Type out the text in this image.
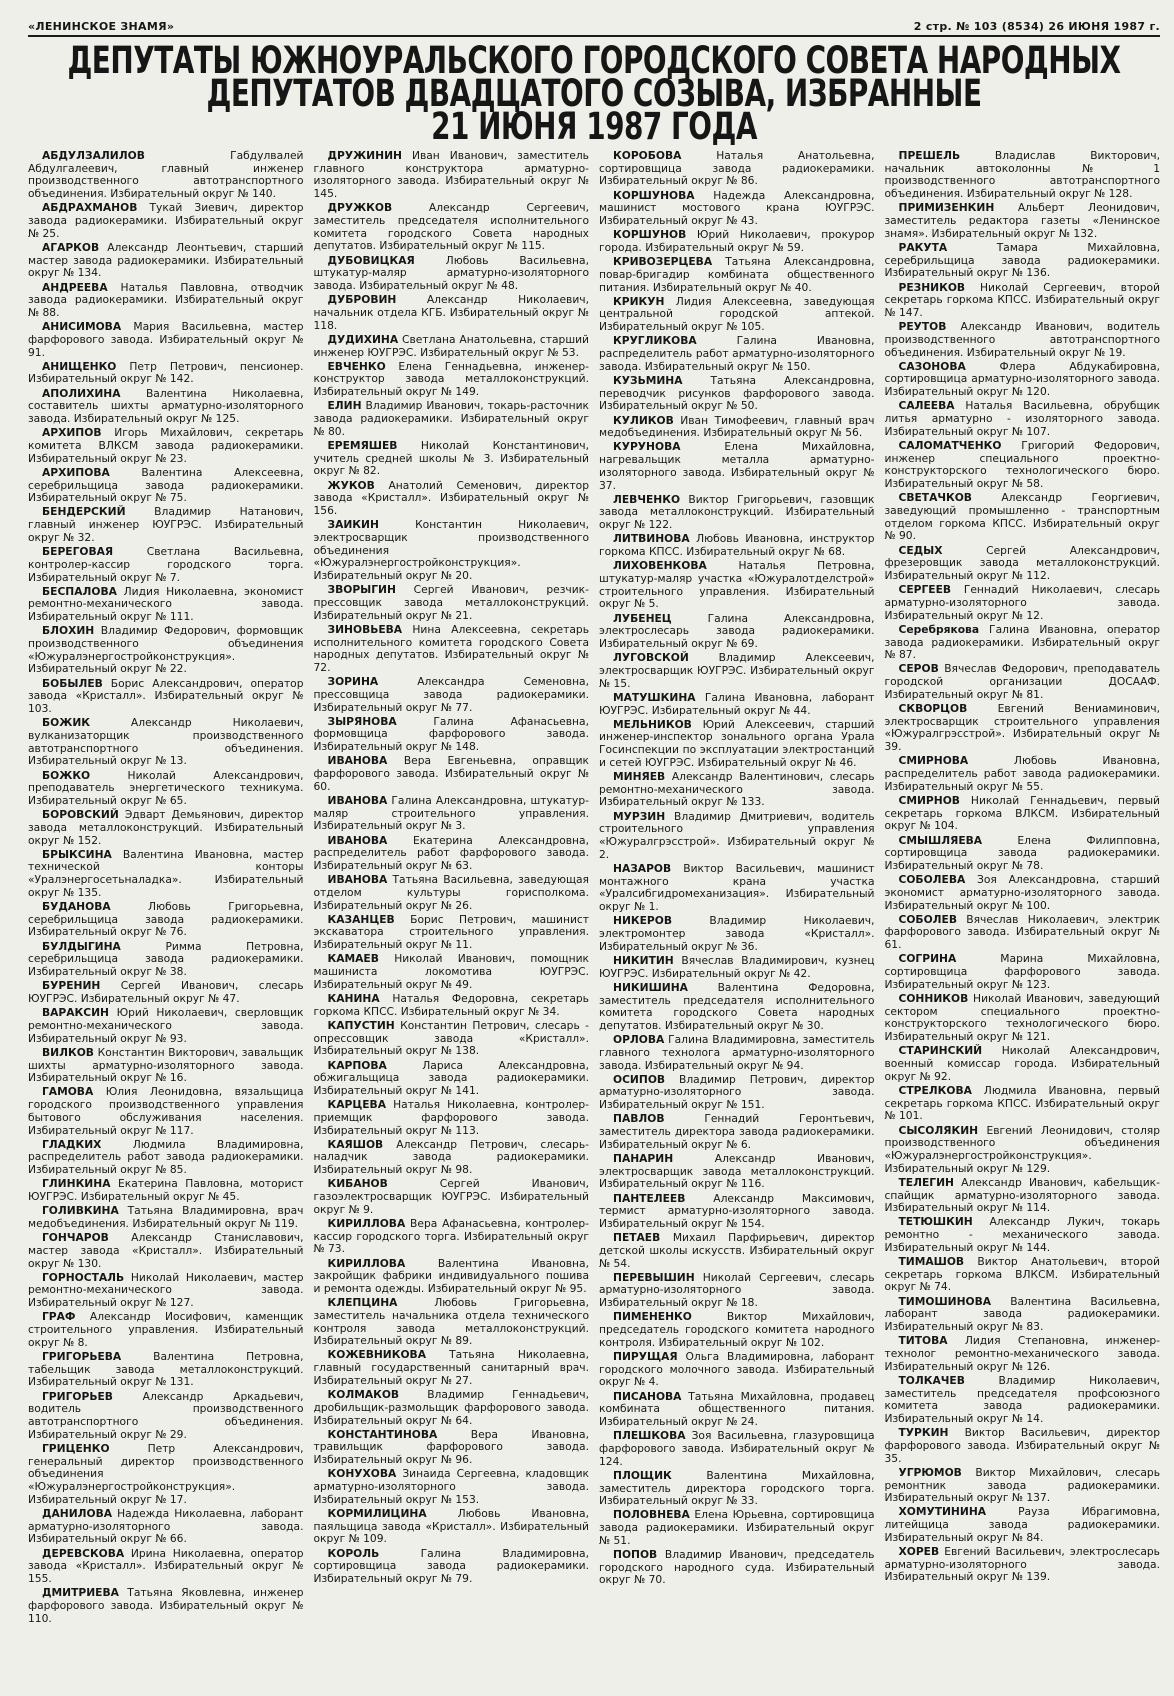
«ЛЕНИНСКОЕ ЗНАМЯ»	2 стр. № 103 (8534) 26 ИЮНЯ 1987 г.

ДЕПУТАТЫ ЮЖНОУРАЛЬСКОГО ГОРОДСКОГО СОВЕТА НАРОДНЫХ

ДЕПУТАТОВ ДВАДЦАТОГО СОЗЫВА, ИЗБРАННЫЕ

21 ИЮНЯ 1987 ГОДА

АБДУЛЗАЛИЛОВ	Габдулвалей Абдулгалеевич, главный инженер производственного автотранспортного объединения. Избирательный округ № 140.

АБДРАХМАНОВ Тукай Зиевич, директор завода радиокерамики. Избирательный округ № 25.

АГАРКОВ Александр Леонтьевич, старший мастер завода радиокерамики. Избирательный округ № 134.

АНДРЕЕВА Наталья Павловна, отводчик завода радиокерамики. Избирательный округ № 88.

АНИСИМОВА Мария Васильевна, мастер фарфорового завода. Избирательный округ № 91.

АНИЩЕНКО Петр Петрович, пенсионер. Избирательный округ № 142.

АПОЛИХИНА Валентина Николаевна, составитель шихты арматурно-изоляторного завода. Избирательный округ № 125.

АРХИПОВ Игорь Михайлович, секретарь комитета ВЛКСМ завода радиокерамики. Избирательный округ № 23.

АРХИПОВА	Валентина Алексеевна, серебрильщица завода радиокерамики. Избирательный округ № 75.

БЕНДЕРСКИЙ	Владимир Натанович, главный инженер ЮУГРЭС. Избирательный округ № 32.

БЕРЕГОВАЯ	Светлана Васильевна, контролер-кассир городского торга. Избирательный округ № 7.

БЕСПАЛОВА Лидия Николаевна, экономист ремонтно-механического завода. Избирательный округ № 111.

БЛОХИН Владимир Федорович, формовщик производственного объединения «Южуралэнергостройконструкция». Избирательный округ № 22.

БОБЫЛЕВ Борис Александрович, оператор завода «Кристалл». Избирательный округ № 103.

БОЖИК	Александр Николаевич, вулканизаторщик производственного автотранспортного объединения. Избирательный округ № 13.

БОЖКО	Николай Александрович, преподаватель энергетического техникума. Избирательный округ № 65.

БОРОВСКИЙ Эдварт Демьянович, директор завода металлоконструкций. Избирательный округ № 152.

БРЫКСИНА Валентина Ивановна, мастер технической конторы «Уралэнергосетьналадка». Избирательный округ № 135.

БУДАНОВА	Любовь Григорьевна, серебрильщица завода радиокерамики. Избирательный округ № 76.

БУЛДЫГИНА	Римма Петровна, серебрильщица завода радиокерамики. Избирательный округ № 38.

БУРЕНИН Сергей Иванович, слесарь ЮУГРЭС. Избирательный округ № 47.

ВАРАКСИН Юрий Николаевич, сверловщик ремонтно-механического завода. Избирательный округ № 93.

ВИЛКОВ Константин Викторович, завальщик шихты арматурно-изоляторного завода. Избирательный округ № 16.

ГАМОВА Юлия Леонидовна, вязальщица городского производственного управления бытового обслуживания населения. Избирательный округ № 117.

ГЛАДКИХ	Людмила Владимировна, распределитель работ завода радиокерамики. Избирательный округ № 85.

ГЛИНКИНА Екатерина Павловна, моторист ЮУГРЭС. Избирательный округ № 45.

ГОЛИВКИНА Татьяна Владимировна, врач медобъединения. Избирательный округ № 119.

ГОНЧАРОВ Александр Станиславович, мастер завода «Кристалл». Избирательный округ № 130.

ГОРНОСТАЛЬ Николай Николаевич, мастер ремонтно-механического завода. Избирательный округ № 127.

ГРАФ Александр Иосифович, каменщик строительного управления. Избирательный округ № 8.

ГРИГОРЬЕВА	Валентина Петровна, табельщик завода металлоконструкций. Избирательный округ № 131.

ГРИГОРЬЕВ	Александр Аркадьевич, водитель производственного автотранспортного объединения. Избирательный округ № 29.

ГРИЦЕНКО	Петр Александрович, генеральный директор производственного объединения «Южуралэнергостройконструкция». Избирательный округ № 17.

ДАНИЛОВА Надежда Николаевна, лаборант арматурно-изоляторного завода. Избирательный округ № 66.

ДЕРЕВСКОВА Ирина Николаевна, оператор завода «Кристалл». Избирательный округ № 155.

ДМИТРИЕВА Татьяна Яковлевна, инженер фарфорового завода. Избирательный округ № 110.

ДРУЖИНИН Иван Иванович, заместитель главного конструктора арматурно-изоляторного завода. Избирательный округ № 145.

ДРУЖКОВ	Александр Сергеевич, заместитель председателя исполнительного комитета городского Совета народных депутатов. Избирательный округ № 115.

ДУБОВИЦКАЯ	Любовь Васильевна, штукатур-маляр арматурно-изоляторного завода. Избирательный округ № 48.

ДУБРОВИН	Александр Николаевич, начальник отдела КГБ. Избирательный округ № 118.

ДУДИХИНА Светлана Анатольевна, старший инженер ЮУГРЭС. Избирательный округ № 53.

ЕВЧЕНКО Елена Геннадьевна, инженер-конструктор завода металлоконструкций. Избирательный округ № 149.

ЕЛИН Владимир Иванович, токарь-расточник завода радиокерамики. Избирательный округ № 80.

ЕРЕМЯШЕВ Николай Константинович, учитель средней школы № 3. Избирательный округ № 82.

ЖУКОВ Анатолий Семенович, директор завода «Кристалл». Избирательный округ № 156.

ЗАИКИН	Константин Николаевич, электросварщик производственного объединения «Южуралэнергостройконструкция». Избирательный округ № 20.

ЗВОРЫГИН Сергей Иванович, резчик-прессовщик завода металлоконструкций. Избирательный округ № 21.

ЗИНОВЬЕВА Нина Алексеевна, секретарь исполнительного комитета городского Совета народных депутатов. Избирательный округ № 72.

ЗОРИНА	Александра Семеновна, прессовщица завода радиокерамики. Избирательный округ № 77.

ЗЫРЯНОВА	Галина Афанасьевна, формовщица фарфорового завода. Избирательный округ № 148.

ИВАНОВА Вера Евгеньевна, оправщик фарфорового завода. Избирательный округ № 60.

ИВАНОВА Галина Александровна, штукатур-маляр строительного управления. Избирательный округ № 3.

ИВАНОВА Екатерина Александровна, распределитель работ фарфорового завода. Избирательный округ № 63.

ИВАНОВА Татьяна Васильевна, заведующая отделом культуры горисполкома. Избирательный округ № 26.

КАЗАНЦЕВ Борис Петрович, машинист экскаватора строительного управления. Избирательный округ № 11.

КАМАЕВ Николай Иванович, помощник машиниста локомотива ЮУГРЭС. Избирательный округ № 49.

КАНИНА Наталья Федоровна, секретарь горкома КПСС. Избирательный округ № 34.

КАПУСТИН Константин Петрович, слесарь - опрессовщик завода «Кристалл». Избирательный округ № 138.

КАРПОВА	Лариса Александровна, обжигальщица завода радиокерамики. Избирательный округ № 141.

КАРЦЕВА Наталья Николаевна, контролер-приемщик фарфорового завода. Избирательный округ № 113.

КАЯШОВ Александр Петрович, слесарь-наладчик завода радиокерамики. Избирательный округ № 98.

КИБАНОВ	Сергей Иванович, газоэлектросварщик ЮУГРЭС. Избирательный округ № 9.

КИРИЛЛОВА Вера Афанасьевна, контролер-кассир городского торга. Избирательный округ № 73.

КИРИЛЛОВА	Валентина Ивановна, закройщик фабрики индивидуального пошива и ремонта одежды. Избирательный округ № 95.

КЛЕПЦИНА	Любовь Григорьевна, заместитель начальника отдела технического контроля завода металлоконструкций. Избирательный округ № 89.

КОЖЕВНИКОВА Татьяна Николаевна, главный государственный санитарный врач. Избирательный округ № 27.

КОЛМАКОВ	Владимир Геннадьевич, дробильщик-размольщик фарфорового завода. Избирательный округ № 64.

КОНСТАНТИНОВА	Вера Ивановна, травильщик фарфорового завода. Избирательный округ № 96.

КОНУХОВА Зинаида Сергеевна, кладовщик арматурно-изоляторного завода. Избирательный округ № 153.

КОРМИЛИЦИНА	Любовь Ивановна, паяльщица завода «Кристалл». Избирательный округ № 109.

КОРОЛЬ	Галина Владимировна, сортировщица завода радиокерамики. Избирательный округ № 79.

КОРОБОВА	Наталья Анатольевна, сортировщица завода радиокерамики. Избирательный округ № 86.

КОРШУНОВА Надежда Александровна, машинист мостового крана ЮУГРЭС. Избирательный округ № 43.

КОРШУНОВ Юрий Николаевич, прокурор города. Избирательный округ № 59.

КРИВОЗЕРЦЕВА Татьяна Александровна, повар-бригадир комбината общественного питания. Избирательный округ № 40.

КРИКУН Лидия Алексеевна, заведующая центральной городской аптекой. Избирательный округ № 105.

КРУГЛИКОВА	Галина Ивановна, распределитель работ арматурно-изоляторного завода. Избирательный округ № 150.

КУЗЬМИНА	Татьяна Александровна, переводчик рисунков фарфорового завода. Избирательный округ № 50.

КУЛИКОВ Иван Тимофеевич, главный врач медобъединения. Избирательный округ № 56.

КУРУНОВА	Елена Михайловна, нагревальщик металла арматурно-изоляторного завода. Избирательный округ № 37.

ЛЕВЧЕНКО Виктор Григорьевич, газовщик завода металлоконструкций. Избирательный округ № 122.

ЛИТВИНОВА Любовь Ивановна, инструктор горкома КПСС. Избирательный округ № 68.

ЛИХОВЕНКОВА	Наталья Петровна, штукатур-маляр участка «Южуралотделстрой» строительного управления. Избирательный округ № 5.

ЛУБЕНЕЦ	Галина Александровна, электрослесарь завода радиокерамики. Избирательный округ № 69.

ЛУГОВСКОЙ	Владимир Алексеевич, электросварщик ЮУГРЭС. Избирательный округ № 15.

МАТУШКИНА Галина Ивановна, лаборант ЮУГРЭС. Избирательный округ № 44.

МЕЛЬНИКОВ Юрий Алексеевич, старший инженер-инспектор зонального органа Урала Госинспекции по эксплуатации электростанций и сетей ЮУГРЭС. Избирательный округ № 46.

МИНЯЕВ Александр Валентинович, слесарь ремонтно-механического завода. Избирательный округ № 133.

МУРЗИН Владимир Дмитриевич, водитель строительного управления «Южуралгрэсстрой». Избирательный округ № 2.

НАЗАРОВ Виктор Васильевич, машинист монтажного крана участка «Уралсибгидромеханизация». Избирательный округ № 1.

НИКЕРОВ	Владимир Николаевич, электромонтер завода «Кристалл». Избирательный округ № 36.

НИКИТИН Вячеслав Владимирович, кузнец ЮУГРЭС. Избирательный округ № 42.

НИКИШИНА	Валентина Федоровна, заместитель председателя исполнительного комитета городского Совета народных депутатов. Избирательный округ № 30.

ОРЛОВА Галина Владимировна, заместитель главного технолога арматурно-изоляторного завода. Избирательный округ № 94.

ОСИПОВ Владимир Петрович, директор арматурно-изоляторного завода. Избирательный округ № 151.

ПАВЛОВ	Геннадий Геронтьевич, заместитель директора завода радиокерамики. Избирательный округ № 6.

ПАНАРИН	Александр Иванович, электросварщик завода металлоконструкций. Избирательный округ № 116.

ПАНТЕЛЕЕВ	Александр Максимович, термист арматурно-изоляторного завода. Избирательный округ № 154.

ПЕТАЕВ Михаил Парфирьевич, директор детской школы искусств. Избирательный округ № 54.

ПЕРЕВЫШИН Николай Сергеевич, слесарь арматурно-изоляторного завода. Избирательный округ № 18.

ПИМЕНЕНКО	Виктор Михайлович, председатель городского комитета народного контроля. Избирательный округ № 102.

ПИРУЩАЯ Ольга Владимировна, лаборант городского молочного завода. Избирательный округ № 4.

ПИСАНОВА Татьяна Михайловна, продавец комбината общественного питания. Избирательный округ № 24.

ПЛЕШКОВА Зоя Васильевна, глазуровщица фарфорового завода. Избирательный округ № 124.

ПЛОЩИК	Валентина Михайловна, заместитель директора городского торга. Избирательный округ № 33.

ПОЛОВНЕВА Елена Юрьевна, сортировщица завода радиокерамики. Избирательный округ № 51.

ПОПОВ Владимир Иванович, председатель городского народного суда. Избирательный округ № 70.

ПРЕШЕЛЬ	Владислав Викторович, начальник автоколонны № 1 производственного автотранспортного объединения. Избирательный округ № 128.

ПРИМИЗЕНКИН Альберт Леонидович, заместитель редактора газеты «Ленинское знамя». Избирательный округ № 132.

РАКУТА	Тамара Михайловна, серебрильщица завода радиокерамики. Избирательный округ № 136.

РЕЗНИКОВ Николай Сергеевич, второй секретарь горкома КПСС. Избирательный округ № 147.

РЕУТОВ Александр Иванович, водитель производственного автотранспортного объединения. Избирательный округ № 19.

САЗОНОВА	Флера Абдукабировна, сортировщица арматурно-изоляторного завода. Избирательный округ № 120.

САЛЕЕВА Наталья Васильевна, обрубщик литья арматурно - изоляторного завода. Избирательный округ № 107.

САЛОМАТЧЕНКО Григорий Федорович, инженер специального проектно-конструкторского технологического бюро. Избирательный округ № 58.

СВЕТАЧКОВ	Александр Георгиевич, заведующий промышленно - транспортным отделом горкома КПСС. Избирательный округ № 90.

СЕДЫХ	Сергей Александрович, фрезеровщик завода металлоконструкций. Избирательный округ № 112.

СЕРГЕЕВ Геннадий Николаевич, слесарь арматурно-изоляторного завода. Избирательный округ № 12.

Серебрякова Галина Ивановна, оператор завода радиокерамики. Избирательный округ № 87.

СЕРОВ Вячеслав Федорович, преподаватель городской организации ДОСААФ. Избирательный округ № 81.

СКВОРЦОВ	Евгений Вениаминович, электросварщик строительного управления «Южуралгрэсстрой». Избирательный округ № 39.

СМИРНОВА	Любовь Ивановна, распределитель работ завода радиокерамики. Избирательный округ № 55.

СМИРНОВ Николай Геннадьевич, первый секретарь горкома ВЛКСМ. Избирательный округ № 104.

СМЫШЛЯЕВА	Елена Филипповна, сортировщица завода радиокерамики. Избирательный округ № 78.

СОБОЛЕВА Зоя Александровна, старший экономист арматурно-изоляторного завода. Избирательный округ № 100.

СОБОЛЕВ Вячеслав Николаевич, электрик фарфорового завода. Избирательный округ № 61.

СОГРИНА	Марина Михайловна, сортировщица фарфорового завода. Избирательный округ № 123.

СОННИКОВ Николай Иванович, заведующий сектором специального проектно-конструкторского технологического бюро. Избирательный округ № 121.

СТАРИНСКИЙ Николай Александрович, военный комиссар города. Избирательный округ № 92.

СТРЕЛКОВА Людмила Ивановна, первый секретарь горкома КПСС. Избирательный округ № 101.

СЫСОЛЯКИН Евгений Леонидович, столяр производственного объединения «Южуралэнергостройконструкция». Избирательный округ № 129.

ТЕЛЕГИН Александр Иванович, кабельщик-спайщик арматурно-изоляторного завода. Избирательный округ № 114.

ТЕТЮШКИН Александр Лукич, токарь ремонтно - механического завода. Избирательный округ № 144.

ТИМАШОВ Виктор Анатольевич, второй секретарь горкома ВЛКСМ. Избирательный округ № 74.

ТИМОШИНОВА Валентина Васильевна, лаборант завода радиокерамики. Избирательный округ № 83.

ТИТОВА Лидия Степановна, инженер-технолог ремонтно-механического завода. Избирательный округ № 126.

ТОЛКАЧЕВ	Владимир Николаевич, заместитель председателя профсоюзного комитета завода радиокерамики. Избирательный округ № 14.

ТУРКИН Виктор Васильевич, директор фарфорового завода. Избирательный округ № 35.

УГРЮМОВ Виктор Михайлович, слесарь ремонтник завода радиокерамики. Избирательный округ № 137.

ХОМУТИНИНА	Рауза Ибрагимовна, литейщица завода радиокерамики. Избирательный округ № 84.

ХОРЕВ Евгений Васильевич, электрослесарь арматурно-изоляторного завода. Избирательный округ № 139.
